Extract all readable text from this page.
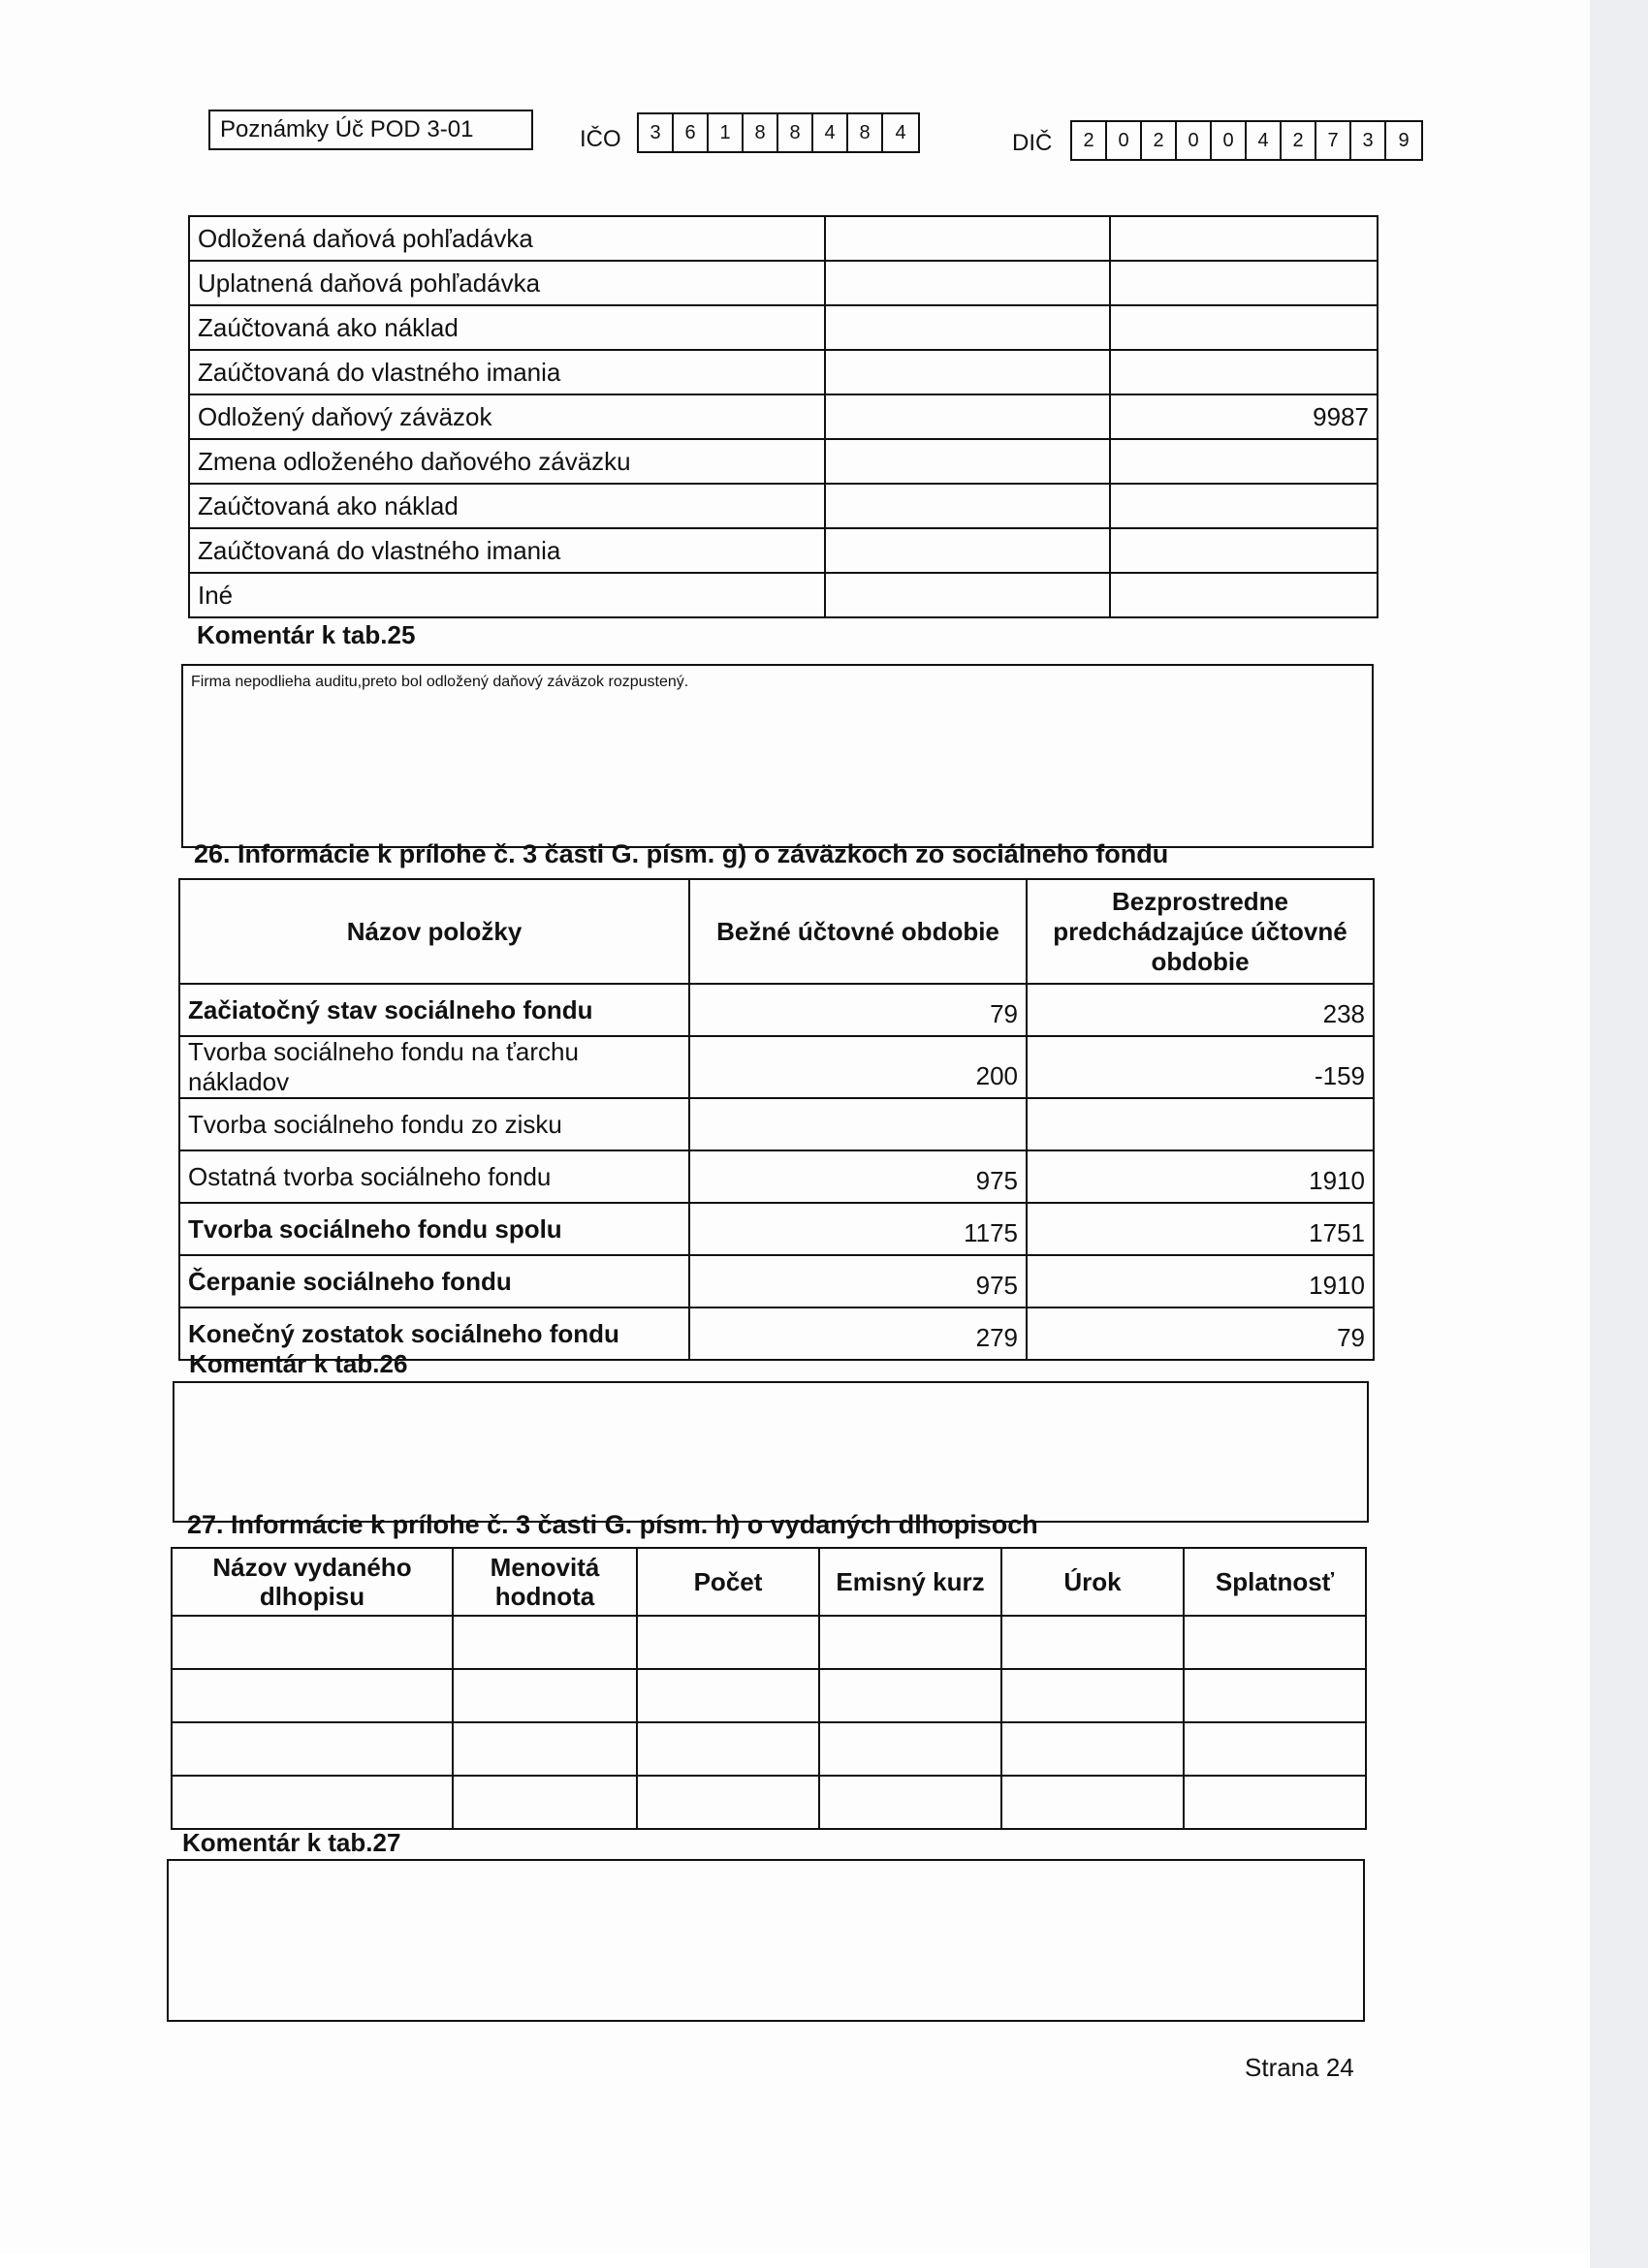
Poznámky Úč POD 3-01	IČO	3	6	1	8	8	4	8	4	DIČ	2	0	2	0	0	4	2	7	3	9
Odložená daňová pohľadávka		
Uplatnená daňová pohľadávka		
Zaúčtovaná ako náklad		
Zaúčtovaná do vlastného imania		
Odložený daňový záväzok		9987
Zmena odloženého daňového záväzku		
Zaúčtovaná ako náklad		
Zaúčtovaná do vlastného imania		
Iné		
Komentár k tab.25
Firma nepodlieha auditu,preto bol odložený daňový záväzok rozpustený.
26. Informácie k prílohe č. 3 časti G. písm. g) o záväzkoch zo sociálneho fondu
Názov položky	Bežné účtovné obdobie	Bezprostredne predchádzajúce účtovné obdobie
Začiatočný stav sociálneho fondu	79	238
Tvorba sociálneho fondu na ťarchu nákladov	200	-159
Tvorba sociálneho fondu zo zisku		
Ostatná tvorba sociálneho fondu	975	1910
Tvorba sociálneho fondu spolu	1175	1751
Čerpanie sociálneho fondu	975	1910
Konečný zostatok sociálneho fondu	279	79
Komentár k tab.26
27. Informácie k prílohe č. 3 časti G. písm. h) o vydaných dlhopisoch
Názov vydaného dlhopisu	Menovitá hodnota	Počet	Emisný kurz	Úrok	Splatnosť

Komentár k tab.27
Strana 24
